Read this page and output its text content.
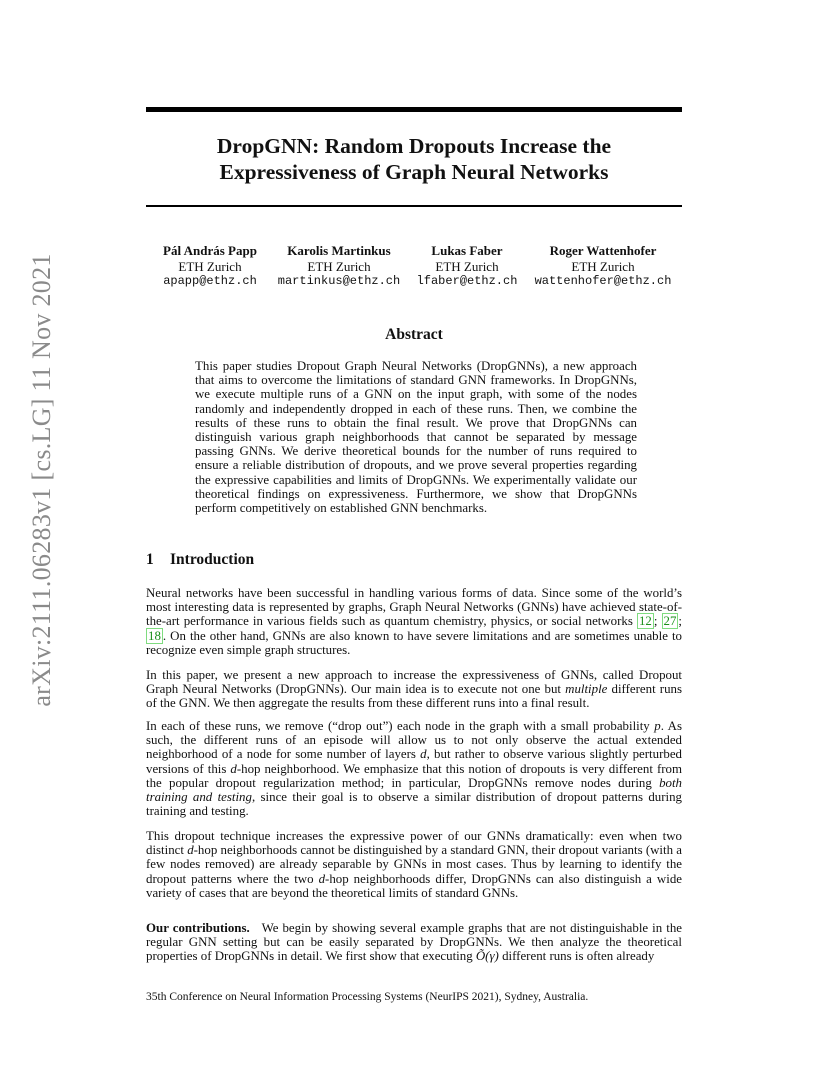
arXiv:2111.06283v1 [cs.LG] 11 Nov 2021
DropGNN: Random Dropouts Increase the
Expressiveness of Graph Neural Networks
Pál András Papp
ETH Zurich
apapp@ethz.ch
Karolis Martinkus
ETH Zurich
martinkus@ethz.ch
Lukas Faber
ETH Zurich
lfaber@ethz.ch
Roger Wattenhofer
ETH Zurich
wattenhofer@ethz.ch
Abstract
This paper studies Dropout Graph Neural Networks (DropGNNs), a new approach that aims to overcome the limitations of standard GNN frameworks. In DropGNNs, we execute multiple runs of a GNN on the input graph, with some of the nodes randomly and independently dropped in each of these runs. Then, we combine the results of these runs to obtain the final result. We prove that DropGNNs can distinguish various graph neighborhoods that cannot be separated by message passing GNNs. We derive theoretical bounds for the number of runs required to ensure a reliable distribution of dropouts, and we prove several properties regarding the expressive capabilities and limits of DropGNNs. We experimentally validate our theoretical findings on expressiveness. Furthermore, we show that DropGNNs perform competitively on established GNN benchmarks.
1 Introduction
Neural networks have been successful in handling various forms of data. Since some of the world’s most interesting data is represented by graphs, Graph Neural Networks (GNNs) have achieved state-of-the-art performance in various fields such as quantum chemistry, physics, or social networks 12 ; 27 ; 18 . On the other hand, GNNs are also known to have severe limitations and are sometimes unable to recognize even simple graph structures.
In this paper, we present a new approach to increase the expressiveness of GNNs, called Dropout Graph Neural Networks (DropGNNs). Our main idea is to execute not one but multiple different runs of the GNN. We then aggregate the results from these different runs into a final result.
In each of these runs, we remove (“drop out”) each node in the graph with a small probability p. As such, the different runs of an episode will allow us to not only observe the actual extended neighborhood of a node for some number of layers d, but rather to observe various slightly perturbed versions of this d-hop neighborhood. We emphasize that this notion of dropouts is very different from the popular dropout regularization method; in particular, DropGNNs remove nodes during both training and testing, since their goal is to observe a similar distribution of dropout patterns during training and testing.
This dropout technique increases the expressive power of our GNNs dramatically: even when two distinct d-hop neighborhoods cannot be distinguished by a standard GNN, their dropout variants (with a few nodes removed) are already separable by GNNs in most cases. Thus by learning to identify the dropout patterns where the two d-hop neighborhoods differ, DropGNNs can also distinguish a wide variety of cases that are beyond the theoretical limits of standard GNNs.
Our contributions.   We begin by showing several example graphs that are not distinguishable in the regular GNN setting but can be easily separated by DropGNNs. We then analyze the theoretical properties of DropGNNs in detail. We first show that executing Õ(γ) different runs is often already
35th Conference on Neural Information Processing Systems (NeurIPS 2021), Sydney, Australia.
